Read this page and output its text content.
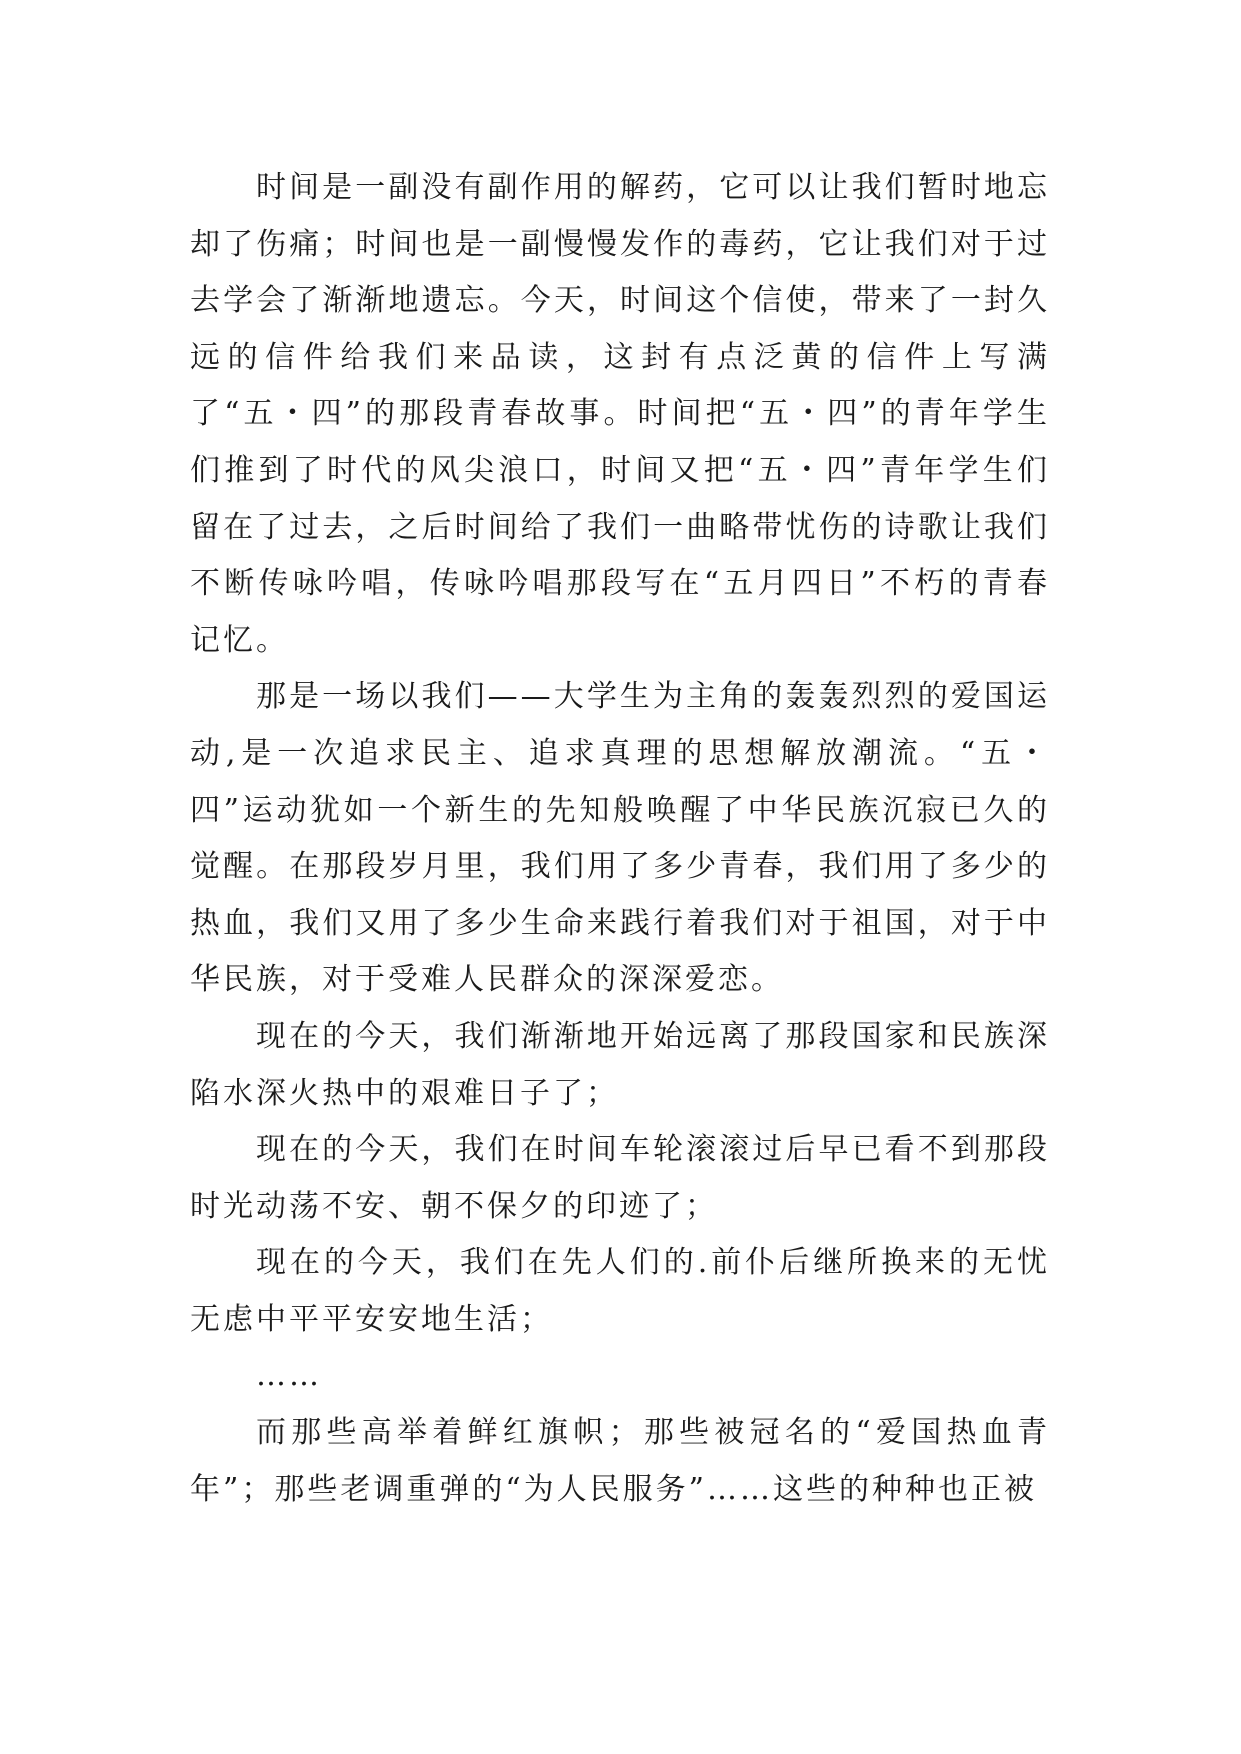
时间是一副没有副作用的解药，它可以让我们暂时地忘却了伤痛；时间也是一副慢慢发作的毒药，它让我们对于过去学会了渐渐地遗忘。今天，时间这个信使，带来了一封久远的信件给我们来品读，这封有点泛黄的信件上写满了“五・四”的那段青春故事。时间把“五・四”的青年学生们推到了时代的风尖浪口，时间又把“五・四”青年学生们留在了过去，之后时间给了我们一曲略带忧伤的诗歌让我们不断传咏吟唱，传咏吟唱那段写在“五月四日”不朽的青春记忆。

那是一场以我们——大学生为主角的轰轰烈烈的爱国运动,是一次追求民主、追求真理的思想解放潮流。“五・四”运动犹如一个新生的先知般唤醒了中华民族沉寂已久的觉醒。在那段岁月里，我们用了多少青春，我们用了多少的热血，我们又用了多少生命来践行着我们对于祖国，对于中华民族，对于受难人民群众的深深爱恋。

现在的今天，我们渐渐地开始远离了那段国家和民族深陷水深火热中的艰难日子了；

现在的今天，我们在时间车轮滚滚过后早已看不到那段时光动荡不安、朝不保夕的印迹了；

现在的今天，我们在先人们的.前仆后继所换来的无忧无虑中平平安安地生活；

……

而那些高举着鲜红旗帜；那些被冠名的“爱国热血青年”；那些老调重弹的“为人民服务”……这些的种种也正被
